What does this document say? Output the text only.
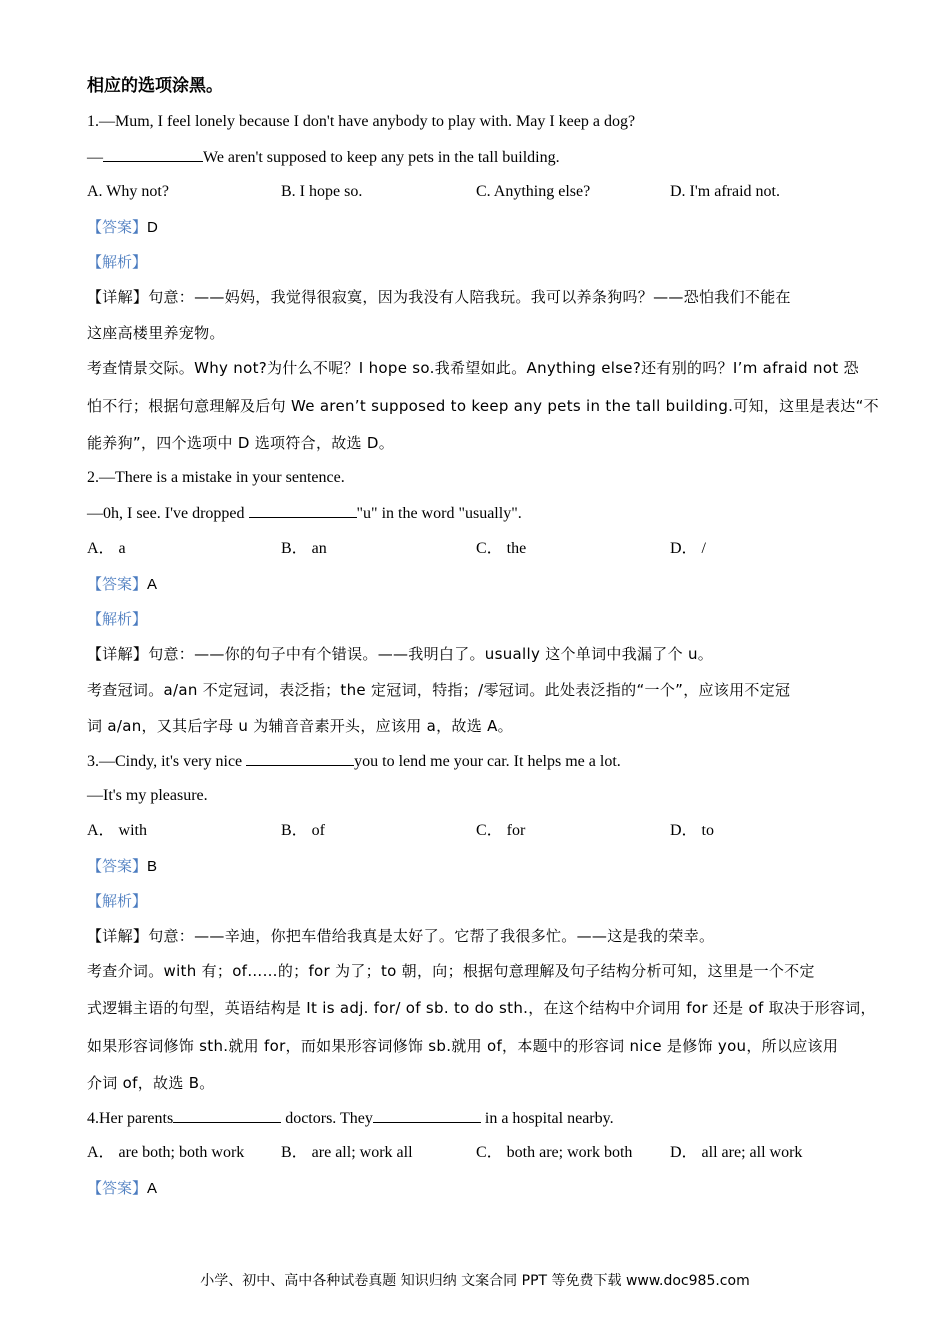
相应的选项涂黑。
1.—Mum, I feel lonely because I don't have anybody to play with. May I keep a dog?
—	We aren't supposed to keep any pets in the tall building.
A. Why not?	B. I hope so.	C. Anything else?	D. I'm afraid not.
【答案】D
【解析】
【详解】句意：——妈妈，我觉得很寂寞，因为我没有人陪我玩。我可以养条狗吗？——恐怕我们不能在
这座高楼里养宠物。
考查情景交际。Why not?为什么不呢？I hope so.我希望如此。Anything else?还有别的吗？I’m afraid not 恐
怕不行；根据句意理解及后句 We aren’t supposed to keep any pets in the tall building.可知，这里是表达“不
能养狗”，四个选项中 D 选项符合，故选 D。
2.—There is a mistake in your sentence.
—0h, I see. I've dropped	"u" in the word "usually".
A． a	B． an	C． the	D． /
【答案】A
【解析】
【详解】句意：——你的句子中有个错误。——我明白了。usually 这个单词中我漏了个 u。
考查冠词。a/an 不定冠词，表泛指；the 定冠词，特指；/零冠词。此处表泛指的“一个”，应该用不定冠
词 a/an，又其后字母 u 为辅音音素开头，应该用 a，故选 A。
3.—Cindy, it's very nice	you to lend me your car. It helps me a lot.
—It's my pleasure.
A． with	B． of	C． for	D． to
【答案】B
【解析】
【详解】句意：——辛迪，你把车借给我真是太好了。它帮了我很多忙。——这是我的荣幸。
考查介词。with 有；of……的；for 为了；to 朝，向；根据句意理解及句子结构分析可知，这里是一个不定
式逻辑主语的句型，英语结构是 It is adj. for/ of sb. to do sth.，在这个结构中介词用 for 还是 of 取决于形容词，
如果形容词修饰 sth.就用 for，而如果形容词修饰 sb.就用 of，本题中的形容词 nice 是修饰 you，所以应该用
介词 of，故选 B。
4.Her parents	doctors. They	in a hospital nearby.
A． are both; both work B． are all; work all	C． both are; work both D． all are; all work
【答案】A
小学、初中、高中各种试卷真题 知识归纳 文案合同 PPT 等免费下载 www.doc985.com
